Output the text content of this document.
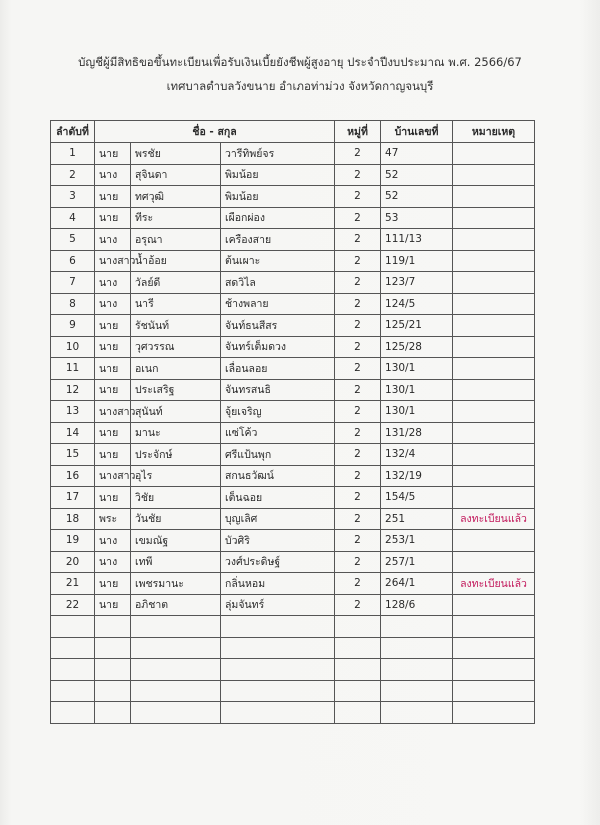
บัญชีผู้มีสิทธิขอขึ้นทะเบียนเพื่อรับเงินเบี้ยยังชีพผู้สูงอายุ ประจำปีงบประมาณ พ.ศ. 2566/67
เทศบาลตำบลวังขนาย อำเภอท่าม่วง จังหวัดกาญจนบุรี
ลำดับที่	ชื่อ - สกุล			หมู่ที่	บ้านเลขที่	หมายเหตุ
1	นาย	พรชัย	วารีทิพย์จร	2	47	
2	นาง	สุจินดา	พิมน้อย	2	52	
3	นาย	ทศวุฒิ	พิมน้อย	2	52	
4	นาย	ทีระ	เผือกผ่อง	2	53	
5	นาง	อรุณา	เครืองสาย	2	111/13	
6	นางสาว	น้ำอ้อย	ต้นเผาะ	2	119/1	
7	นาง	วัลย์ดี	สดวิไล	2	123/7	
8	นาง	นารี	ช้างพลาย	2	124/5	
9	นาย	รัชนันท์	จันท์ธนสีสร	2	125/21	
10	นาย	วุศวรรณ	จันทร์เต็มดวง	2	125/28	
11	นาย	อเนก	เลื่อนลอย	2	130/1	
12	นาย	ประเสริฐ	จันทรสนธิ	2	130/1	
13	นางสาว	สุนันท์	จุ้ยเจริญ	2	130/1	
14	นาย	มานะ	แซ่โค้ว	2	131/28	
15	นาย	ประจักษ์	ศรีแป้นพุก	2	132/4	
16	นางสาว	อุไร	สกนธวัฒน์	2	132/19	
17	นาย	วิชัย	เต็นฉอย	2	154/5	
18	พระ	วันชัย	บุญเลิศ	2	251	ลงทะเบียนแล้ว
19	นาง	เขมณัฐ	บัวศิริ	2	253/1	
20	นาง	เทพี	วงศ์ประดิษฐ์	2	257/1	
21	นาย	เพชรมานะ	กลิ่นหอม	2	264/1	ลงทะเบียนแล้ว
22	นาย	อภิชาต	ลุ่มจันทร์	2	128/6	
